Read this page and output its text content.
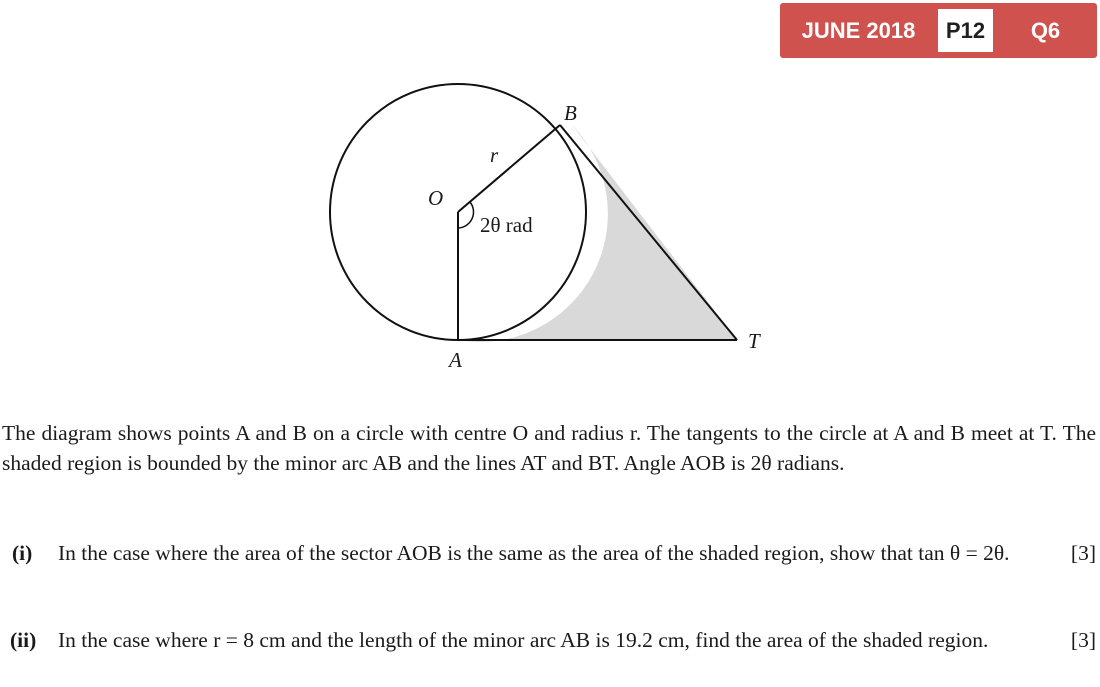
JUNE 2018	P12	Q6
B
r
O
2θ rad
A
T

The diagram shows points A and B on a circle with centre O and radius r. The tangents to the circle at A and B meet at T. The shaded region is bounded by the minor arc AB and the lines AT and BT. Angle AOB is 2θ radians.

(i) In the case where the area of the sector AOB is the same as the area of the shaded region, show that tan θ = 2θ.	[3]
(ii) In the case where r = 8 cm and the length of the minor arc AB is 19.2 cm, find the area of the shaded region.	[3]
